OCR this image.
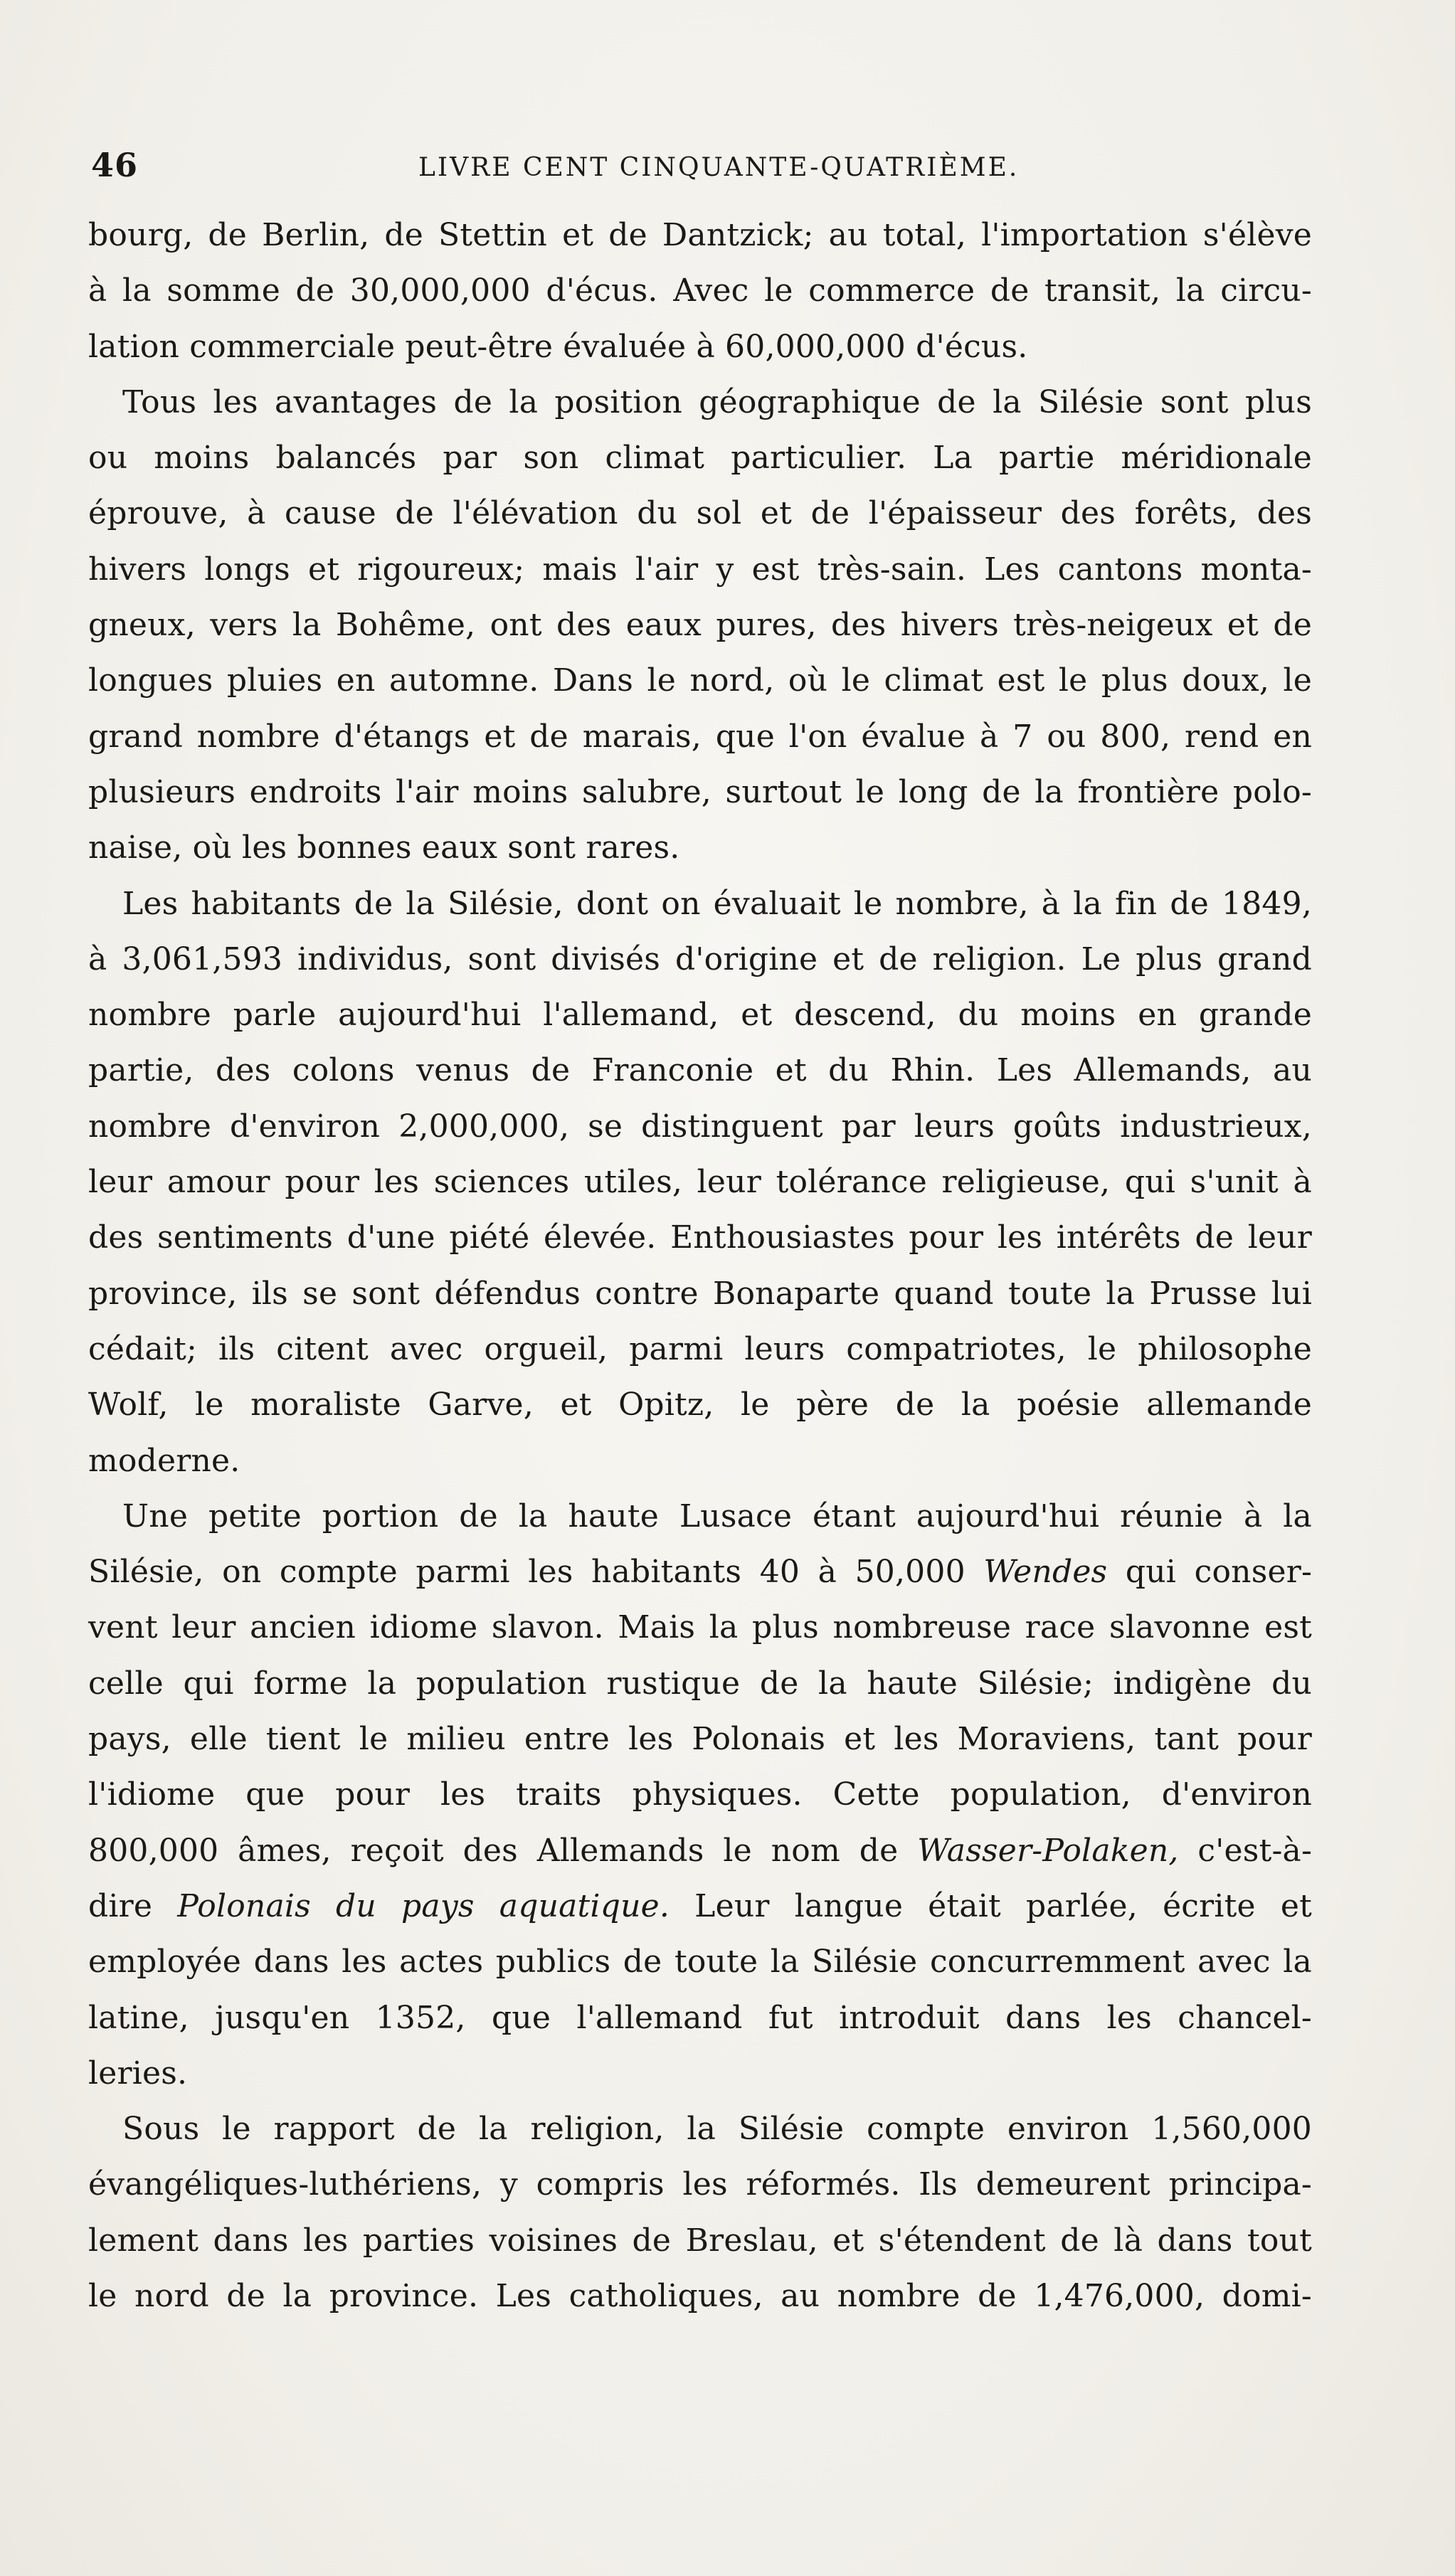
46	LIVRE CENT CINQUANTE-QUATRIÈME.

bourg, de Berlin, de Stettin et de Dantzick; au total, l'importation s'élève

à la somme de 30,000,000 d'écus. Avec le commerce de transit, la circu-

lation commerciale peut-être évaluée à 60,000,000 d'écus.

Tous les avantages de la position géographique de la Silésie sont plus

ou moins balancés par son climat particulier. La partie méridionale

éprouve, à cause de l'élévation du sol et de l'épaisseur des forêts, des

hivers longs et rigoureux; mais l'air y est très-sain. Les cantons monta-

gneux, vers la Bohême, ont des eaux pures, des hivers très-neigeux et de

longues pluies en automne. Dans le nord, où le climat est le plus doux, le

grand nombre d'étangs et de marais, que l'on évalue à 7 ou 800, rend en

plusieurs endroits l'air moins salubre, surtout le long de la frontière polo-

naise, où les bonnes eaux sont rares.

Les habitants de la Silésie, dont on évaluait le nombre, à la fin de 1849,

à 3,061,593 individus, sont divisés d'origine et de religion. Le plus grand

nombre parle aujourd'hui l'allemand, et descend, du moins en grande

partie, des colons venus de Franconie et du Rhin. Les Allemands, au

nombre d'environ 2,000,000, se distinguent par leurs goûts industrieux,

leur amour pour les sciences utiles, leur tolérance religieuse, qui s'unit à

des sentiments d'une piété élevée. Enthousiastes pour les intérêts de leur

province, ils se sont défendus contre Bonaparte quand toute la Prusse lui

cédait; ils citent avec orgueil, parmi leurs compatriotes, le philosophe

Wolf, le moraliste Garve, et Opitz, le père de la poésie allemande

moderne.

Une petite portion de la haute Lusace étant aujourd'hui réunie à la

Silésie, on compte parmi les habitants 40 à 50,000 Wendes qui conser-

vent leur ancien idiome slavon. Mais la plus nombreuse race slavonne est

celle qui forme la population rustique de la haute Silésie; indigène du

pays, elle tient le milieu entre les Polonais et les Moraviens, tant pour

l'idiome que pour les traits physiques. Cette population, d'environ

800,000 âmes, reçoit des Allemands le nom de Wasser-Polaken, c'est-à-

dire Polonais du pays aquatique. Leur langue était parlée, écrite et

employée dans les actes publics de toute la Silésie concurremment avec la

latine, jusqu'en 1352, que l'allemand fut introduit dans les chancel-

leries.

Sous le rapport de la religion, la Silésie compte environ 1,560,000

évangéliques-luthériens, y compris les réformés. Ils demeurent principa-

lement dans les parties voisines de Breslau, et s'étendent de là dans tout

le nord de la province. Les catholiques, au nombre de 1,476,000, domi-
